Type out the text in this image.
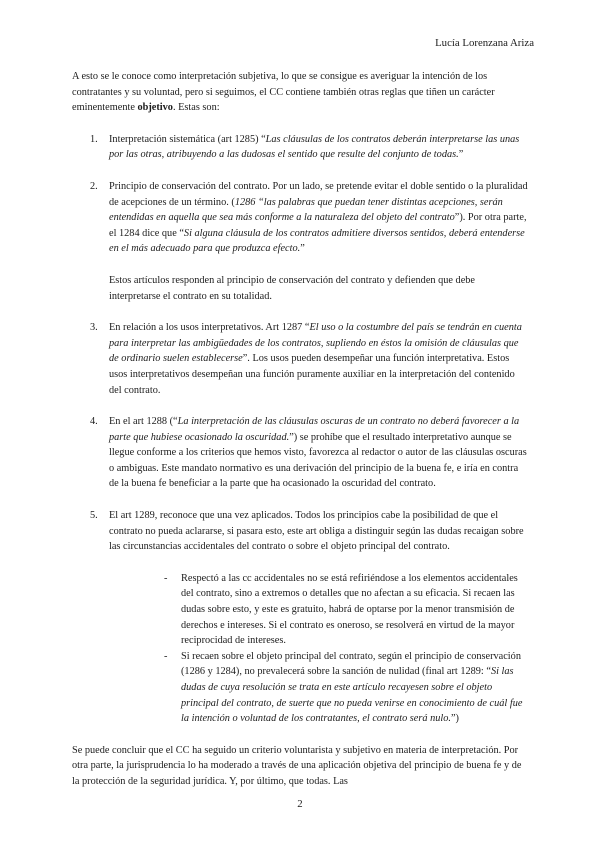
Lucía Lorenzana Ariza

A esto se le conoce como interpretación subjetiva, lo que se consigue es averiguar la intención de los contratantes y su voluntad, pero si seguimos, el CC contiene también otras reglas que tiñen un carácter eminentemente objetivo. Estas son:

1. Interpretación sistemática (art 1285) “Las cláusulas de los contratos deberán interpretarse las unas por las otras, atribuyendo a las dudosas el sentido que resulte del conjunto de todas.”

2. Principio de conservación del contrato. Por un lado, se pretende evitar el doble sentido o la pluralidad de acepciones de un término. (1286 “las palabras que puedan tener distintas acepciones, serán entendidas en aquella que sea más conforme a la naturaleza del objeto del contrato”). Por otra parte, el 1284 dice que “Si alguna cláusula de los contratos admitiere diversos sentidos, deberá entenderse en el más adecuado para que produzca efecto.”

Estos artículos responden al principio de conservación del contrato y defienden que debe interpretarse el contrato en su totalidad.

3. En relación a los usos interpretativos. Art 1287 “El uso o la costumbre del país se tendrán en cuenta para interpretar las ambigüedades de los contratos, supliendo en éstos la omisión de cláusulas que de ordinario suelen establecerse”. Los usos pueden desempeñar una función interpretativa. Estos usos interpretativos desempeñan una función puramente auxiliar en la interpretación del contenido del contrato.

4. En el art 1288 (“La interpretación de las cláusulas oscuras de un contrato no deberá favorecer a la parte que hubiese ocasionado la oscuridad.”) se prohíbe que el resultado interpretativo aunque se llegue conforme a los criterios que hemos visto, favorezca al redactor o autor de las cláusulas oscuras o ambiguas. Este mandato normativo es una derivación del principio de la buena fe, e iría en contra de la buena fe beneficiar a la parte que ha ocasionado la oscuridad del contrato.

5. El art 1289, reconoce que una vez aplicados. Todos los principios cabe la posibilidad de que el contrato no pueda aclararse, si pasara esto, este art obliga a distinguir según las dudas recaigan sobre las circunstancias accidentales del contrato o sobre el objeto principal del contrato.

- Respectó a las cc accidentales no se está refiriéndose a los elementos accidentales del contrato, sino a extremos o detalles que no afectan a su eficacia. Si recaen las dudas sobre esto, y este es gratuito, habrá de optarse por la menor transmisión de derechos e intereses. Si el contrato es oneroso, se resolverá en virtud de la mayor reciprocidad de intereses.

- Si recaen sobre el objeto principal del contrato, según el principio de conservación (1286 y 1284), no prevalecerá sobre la sanción de nulidad (final art 1289: “Si las dudas de cuya resolución se trata en este artículo recayesen sobre el objeto principal del contrato, de suerte que no pueda venirse en conocimiento de cuál fue la intención o voluntad de los contratantes, el contrato será nulo.”)

Se puede concluir que el CC ha seguido un criterio voluntarista y subjetivo en materia de interpretación. Por otra parte, la jurisprudencia lo ha moderado a través de una aplicación objetiva del principio de buena fe y de la protección de la seguridad jurídica. Y, por último, que todas. Las

2
